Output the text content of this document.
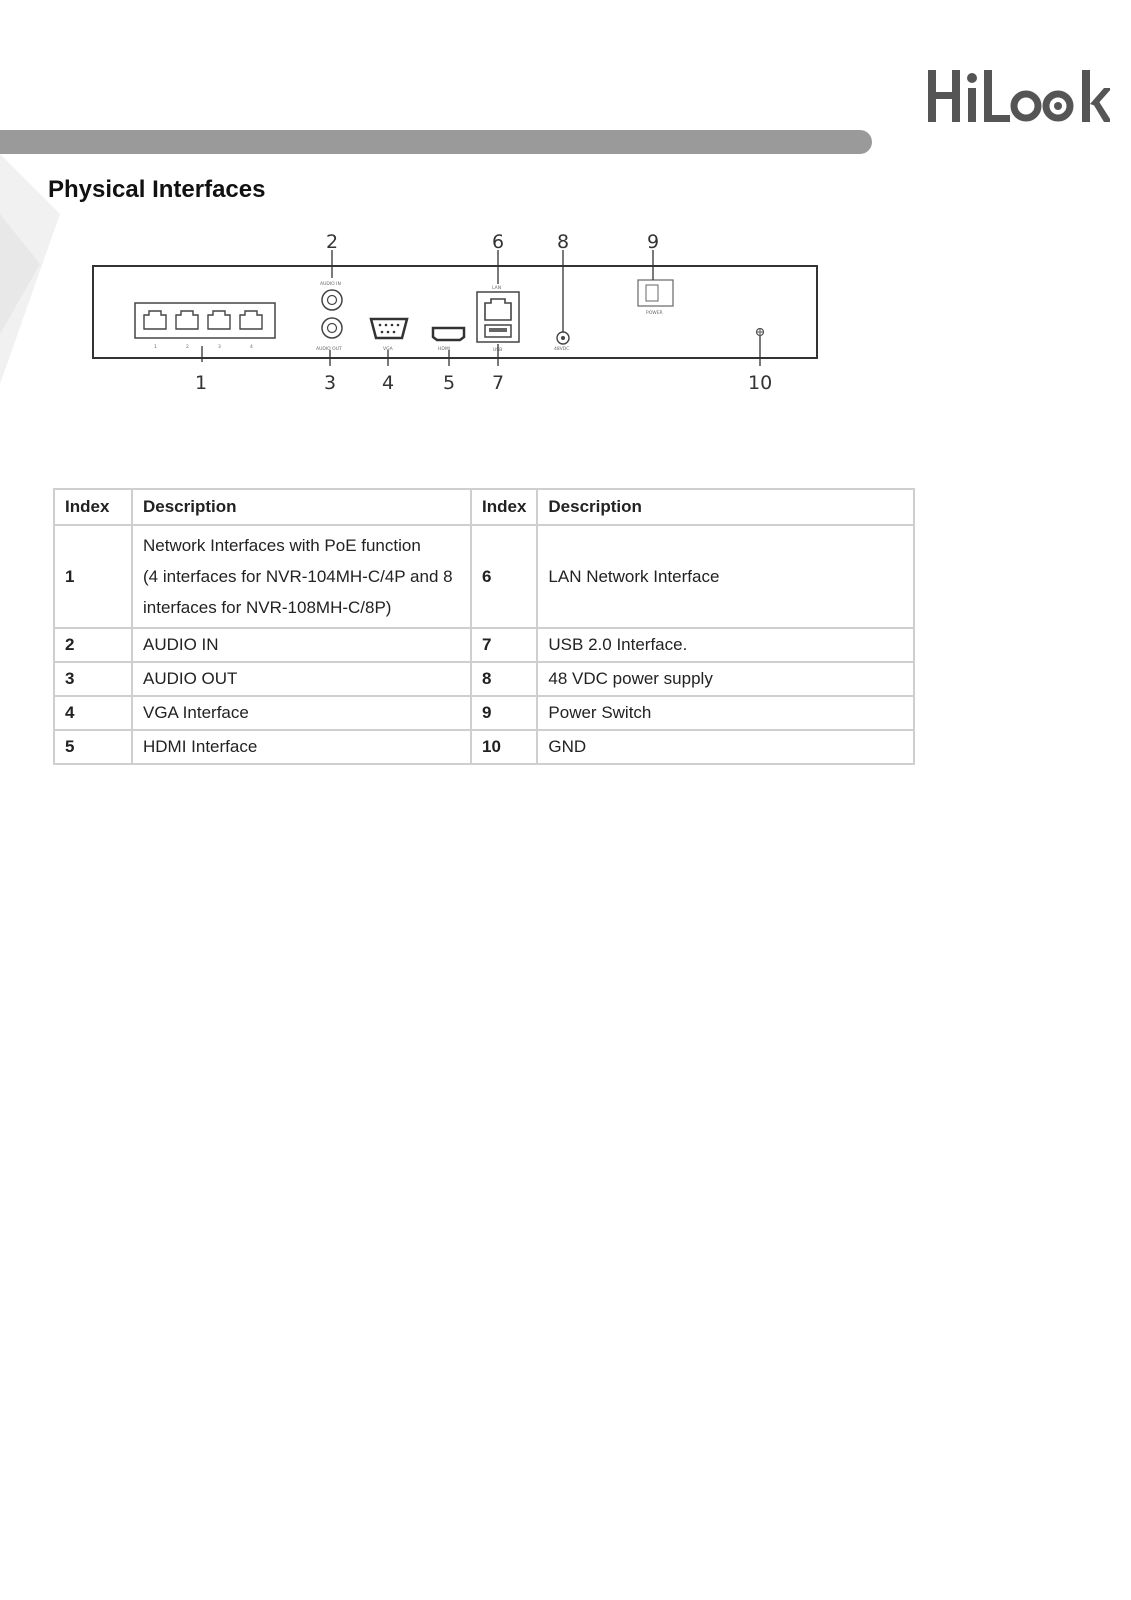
Physical Interfaces
1	2	3	4
AUDIO IN
AUDIO OUT	VGA	HDMI
LAN
USB	48VDC
POWER
1
2
3 4	5
6
7
8	9
10
Index	Description	Index	Description
1	Network Interfaces with PoE function
(4 interfaces for NVR-104MH-C/4P and 8
interfaces for NVR-108MH-C/8P)	6	LAN Network Interface
2	AUDIO IN	7	USB 2.0 Interface.
3	AUDIO OUT	8	48 VDC power supply
4	VGA Interface	9	Power Switch
5	HDMI Interface	10	GND
